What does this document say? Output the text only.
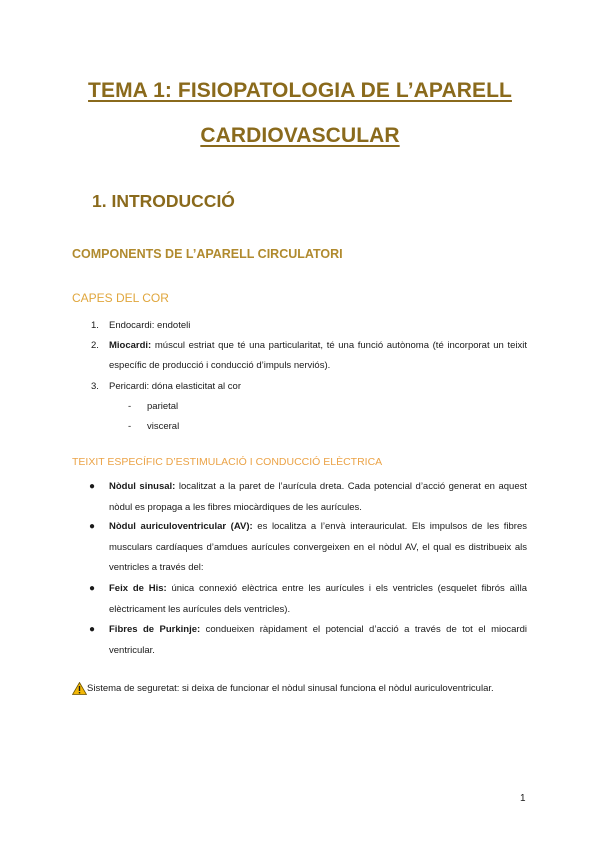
TEMA 1: FISIOPATOLOGIA DE L’APARELL
CARDIOVASCULAR
1. INTRODUCCIÓ
COMPONENTS DE L’APARELL CIRCULATORI
CAPES DEL COR
1. Endocardi: endoteli
2. Miocardi: múscul estriat que té una particularitat, té una funció autònoma (té incorporat un teixit específic de producció i conducció d’impuls nerviós).
3. Pericardi: dóna elasticitat al cor
- parietal
- visceral
TEIXIT ESPECÍFIC D’ESTIMULACIÓ I CONDUCCIÓ ELÈCTRICA
● Nòdul sinusal: localitzat a la paret de l’aurícula dreta. Cada potencial d’acció generat en aquest nòdul es propaga a les fibres miocàrdiques de les aurícules.
● Nòdul auriculoventricular (AV): es localitza a l’envà interauriculat. Els impulsos de les fibres musculars cardíaques d’amdues aurícules convergeixen en el nòdul AV, el qual es distribueix als ventricles a través del:
● Feix de His: única connexió elèctrica entre les aurícules i els ventricles (esquelet fibrós aïlla elèctricament les aurícules dels ventricles).
● Fibres de Purkinje: condueixen ràpidament el potencial d’acció a través de tot el miocardi ventricular.
Sistema de seguretat: si deixa de funcionar el nòdul sinusal funciona el nòdul auriculoventricular.
1
